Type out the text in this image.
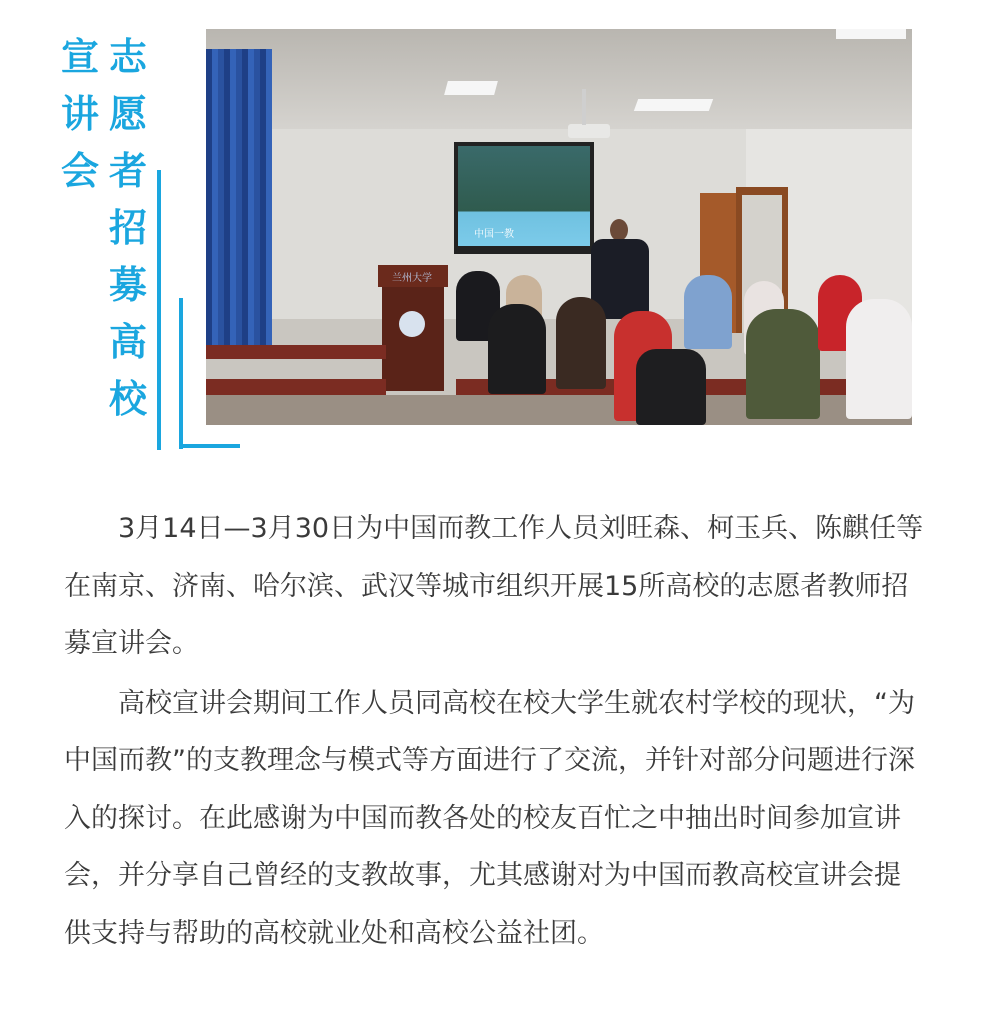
宣
讲
会
志
愿
者
招
募
高
校
中国一教
兰州大学

3月14日—3月30日为中国而教工作人员刘旺森、柯玉兵、陈麒任等在南京、济南、哈尔滨、武汉等城市组织开展15所高校的志愿者教师招募宣讲会。

高校宣讲会期间工作人员同高校在校大学生就农村学校的现状，“为中国而教”的支教理念与模式等方面进行了交流，并针对部分问题进行深入的探讨。在此感谢为中国而教各处的校友百忙之中抽出时间参加宣讲会，并分享自己曾经的支教故事，尤其感谢对为中国而教高校宣讲会提供支持与帮助的高校就业处和高校公益社团。
